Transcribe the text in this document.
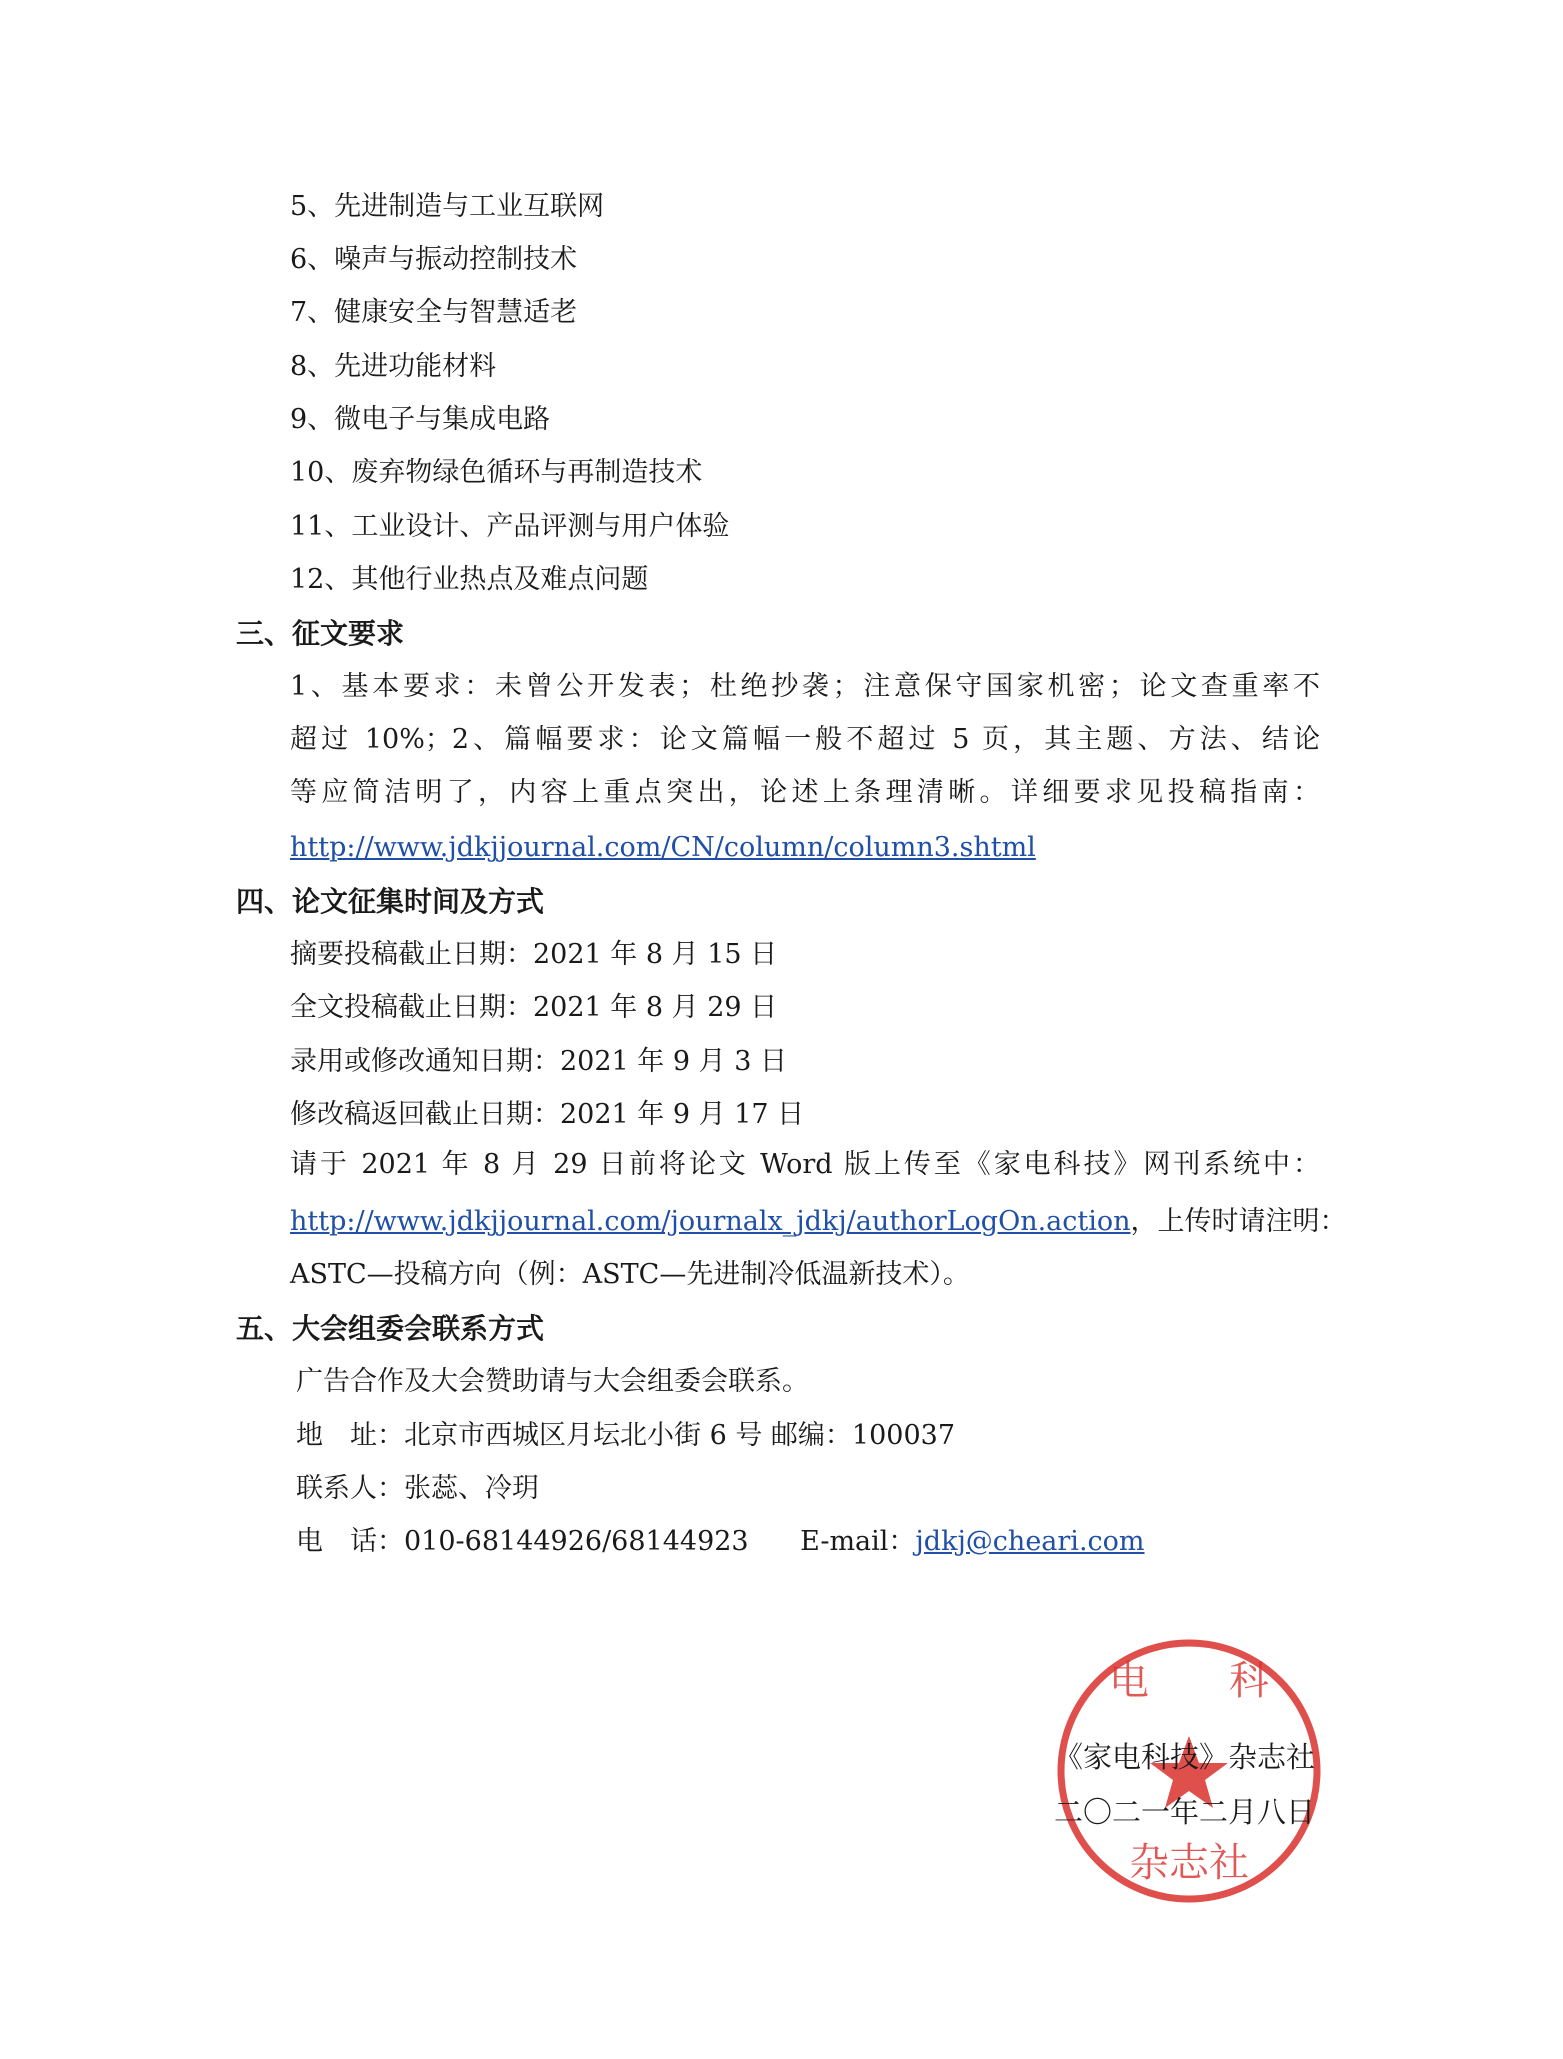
5、先进制造与工业互联网
6、噪声与振动控制技术
7、健康安全与智慧适老
8、先进功能材料
9、微电子与集成电路
10、废弃物绿色循环与再制造技术
11、工业设计、产品评测与用户体验
12、其他行业热点及难点问题
三、征文要求
1、基本要求：未曾公开发表；杜绝抄袭；注意保守国家机密；论文查重率不
超过 10%；2、篇幅要求：论文篇幅一般不超过 5 页，其主题、方法、结论
等应简洁明了，内容上重点突出，论述上条理清晰。详细要求见投稿指南：
http://www.jdkjjournal.com/CN/column/column3.shtml
四、论文征集时间及方式
摘要投稿截止日期：2021 年 8 月 15 日
全文投稿截止日期：2021 年 8 月 29 日
录用或修改通知日期：2021 年 9 月 3 日
修改稿返回截止日期：2021 年 9 月 17 日
请于 2021 年 8 月 29 日前将论文 Word 版上传至《家电科技》网刊系统中：
http://www.jdkjjournal.com/journalx_jdkj/authorLogOn.action，上传时请注明：
ASTC—投稿方向（例：ASTC—先进制冷低温新技术）。
五、大会组委会联系方式
广告合作及大会赞助请与大会组委会联系。
地　址：北京市西城区月坛北小街 6 号 邮编：100037
联系人：张蕊、冷玥
电　话：010-68144926/68144923 E-mail：jdkj@cheari.com
电　　科
杂志社
《家电科技》杂志社
二〇二一年二月八日
